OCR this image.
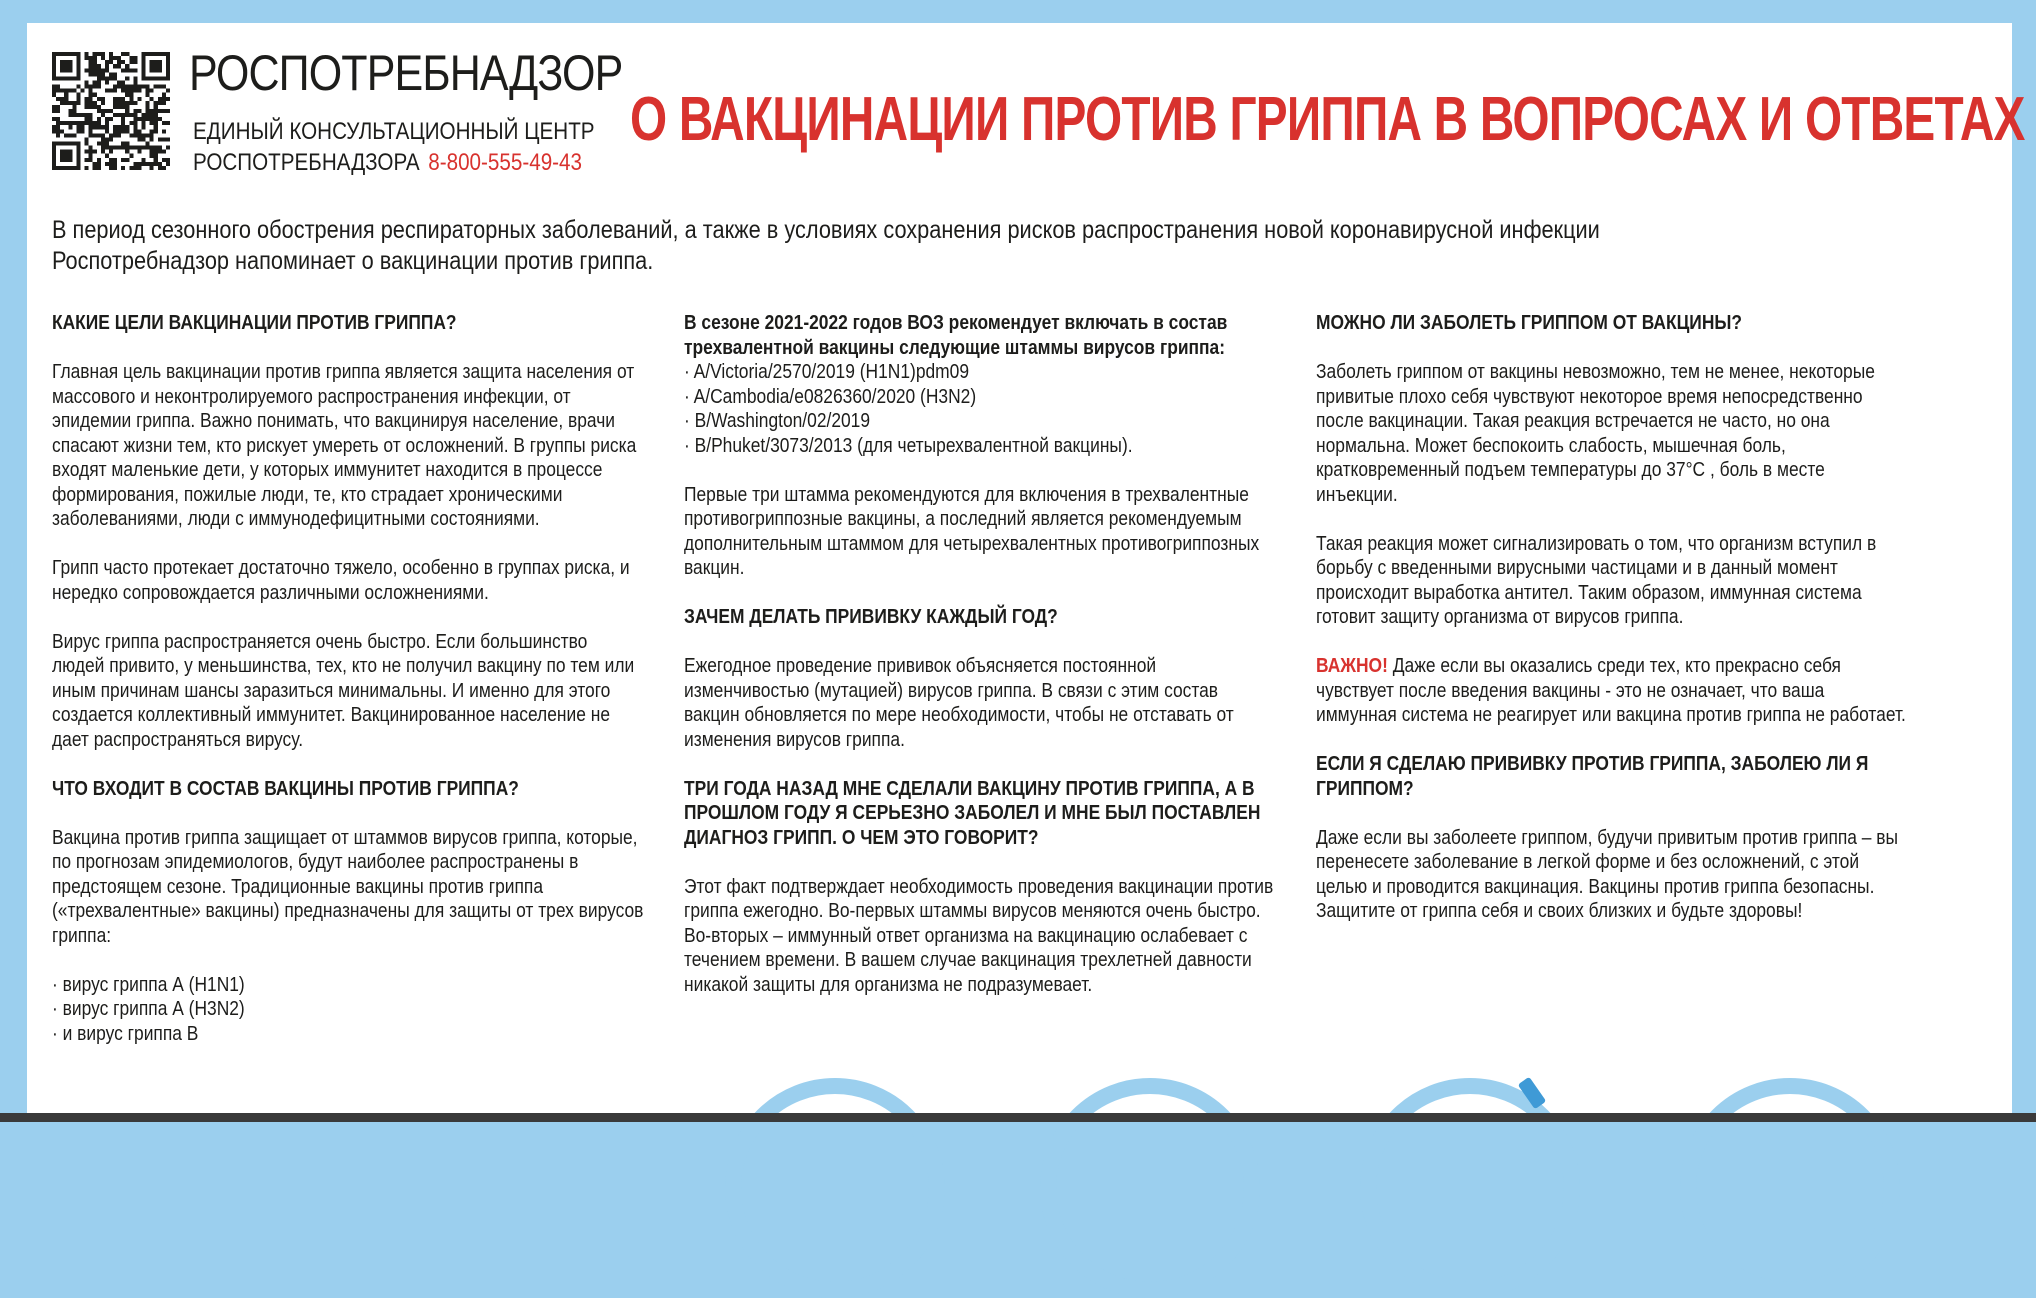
РОСПОТРЕБНАДЗОР
ЕДИНЫЙ КОНСУЛЬТАЦИОННЫЙ ЦЕНТР
РОСПОТРЕБНАДЗОРА 8-800-555-49-43
О ВАКЦИНАЦИИ ПРОТИВ ГРИППА В ВОПРОСАХ И ОТВЕТАХ
В период сезонного обострения респираторных заболеваний, а также в условиях сохранения рисков распространения новой коронавирусной инфекции Роспотребнадзор напоминает о вакцинации против гриппа.
КАКИЕ ЦЕЛИ ВАКЦИНАЦИИ ПРОТИВ ГРИППА?

Главная цель вакцинации против гриппа является защита населения от массового и неконтролируемого распространения инфекции, от эпидемии гриппа. Важно понимать, что вакцинируя население, врачи спасают жизни тем, кто рискует умереть от осложнений. В группы риска входят маленькие дети, у которых иммунитет находится в процессе формирования, пожилые люди, те, кто страдает хроническими заболеваниями, люди с иммунодефицитными состояниями.

Грипп часто протекает достаточно тяжело, особенно в группах риска, и нередко сопровождается различными осложнениями.

Вирус гриппа распространяется очень быстро. Если большинство людей привито, у меньшинства, тех, кто не получил вакцину по тем или иным причинам шансы заразиться минимальны. И именно для этого создается коллективный иммунитет. Вакцинированное население не дает распространяться вирусу.

ЧТО ВХОДИТ В СОСТАВ ВАКЦИНЫ ПРОТИВ ГРИППА?

Вакцина против гриппа защищает от штаммов вирусов гриппа, которые, по прогнозам эпидемиологов, будут наиболее распространены в предстоящем сезоне. Традиционные вакцины против гриппа («трехвалентные» вакцины) предназначены для защиты от трех вирусов гриппа:

· вирус гриппа А (H1N1)
· вирус гриппа А (H3N2)
· и вирус гриппа В
В сезоне 2021-2022 годов ВОЗ рекомендует включать в состав трехвалентной вакцины следующие штаммы вирусов гриппа:
· A/Victoria/2570/2019 (H1N1)pdm09
· A/Cambodia/e0826360/2020 (H3N2)
· B/Washington/02/2019
· B/Phuket/3073/2013 (для четырехвалентной вакцины).

Первые три штамма рекомендуются для включения в трехвалентные противогриппозные вакцины, а последний является рекомендуемым дополнительным штаммом для четырехвалентных противогриппозных вакцин.

ЗАЧЕМ ДЕЛАТЬ ПРИВИВКУ КАЖДЫЙ ГОД?

Ежегодное проведение прививок объясняется постоянной изменчивостью (мутацией) вирусов гриппа. В связи с этим состав вакцин обновляется по мере необходимости, чтобы не отставать от изменения вирусов гриппа.

ТРИ ГОДА НАЗАД МНЕ СДЕЛАЛИ ВАКЦИНУ ПРОТИВ ГРИППА, А В ПРОШЛОМ ГОДУ Я СЕРЬЕЗНО ЗАБОЛЕЛ И МНЕ БЫЛ ПОСТАВЛЕН ДИАГНОЗ ГРИПП. О ЧЕМ ЭТО ГОВОРИТ?

Этот факт подтверждает необходимость проведения вакцинации против гриппа ежегодно. Во-первых штаммы вирусов меняются очень быстро. Во-вторых – иммунный ответ организма на вакцинацию ослабевает с течением времени. В вашем случае вакцинация трехлетней давности никакой защиты для организма не подразумевает.

МОЖНО ЛИ ЗАБОЛЕТЬ ГРИППОМ ОТ ВАКЦИНЫ?

Заболеть гриппом от вакцины невозможно, тем не менее, некоторые привитые плохо себя чувствуют некоторое время непосредственно после вакцинации. Такая реакция встречается не часто, но она нормальна. Может беспокоить слабость, мышечная боль, кратковременный подъем температуры до 37°С , боль в месте инъекции.

Такая реакция может сигнализировать о том, что организм вступил в борьбу с введенными вирусными частицами и в данный момент происходит выработка антител. Таким образом, иммунная система готовит защиту организма от вирусов гриппа.

ВАЖНО! Даже если вы оказались среди тех, кто прекрасно себя чувствует после введения вакцины - это не означает, что ваша иммунная система не реагирует или вакцина против гриппа не работает.

ЕСЛИ Я СДЕЛАЮ ПРИВИВКУ ПРОТИВ ГРИППА, ЗАБОЛЕЮ ЛИ Я ГРИППОМ?

Даже если вы заболеете гриппом, будучи привитым против гриппа – вы перенесете заболевание в легкой форме и без осложнений, с этой целью и проводится вакцинация. Вакцины против гриппа безопасны. Защитите от гриппа себя и своих близких и будьте здоровы!
